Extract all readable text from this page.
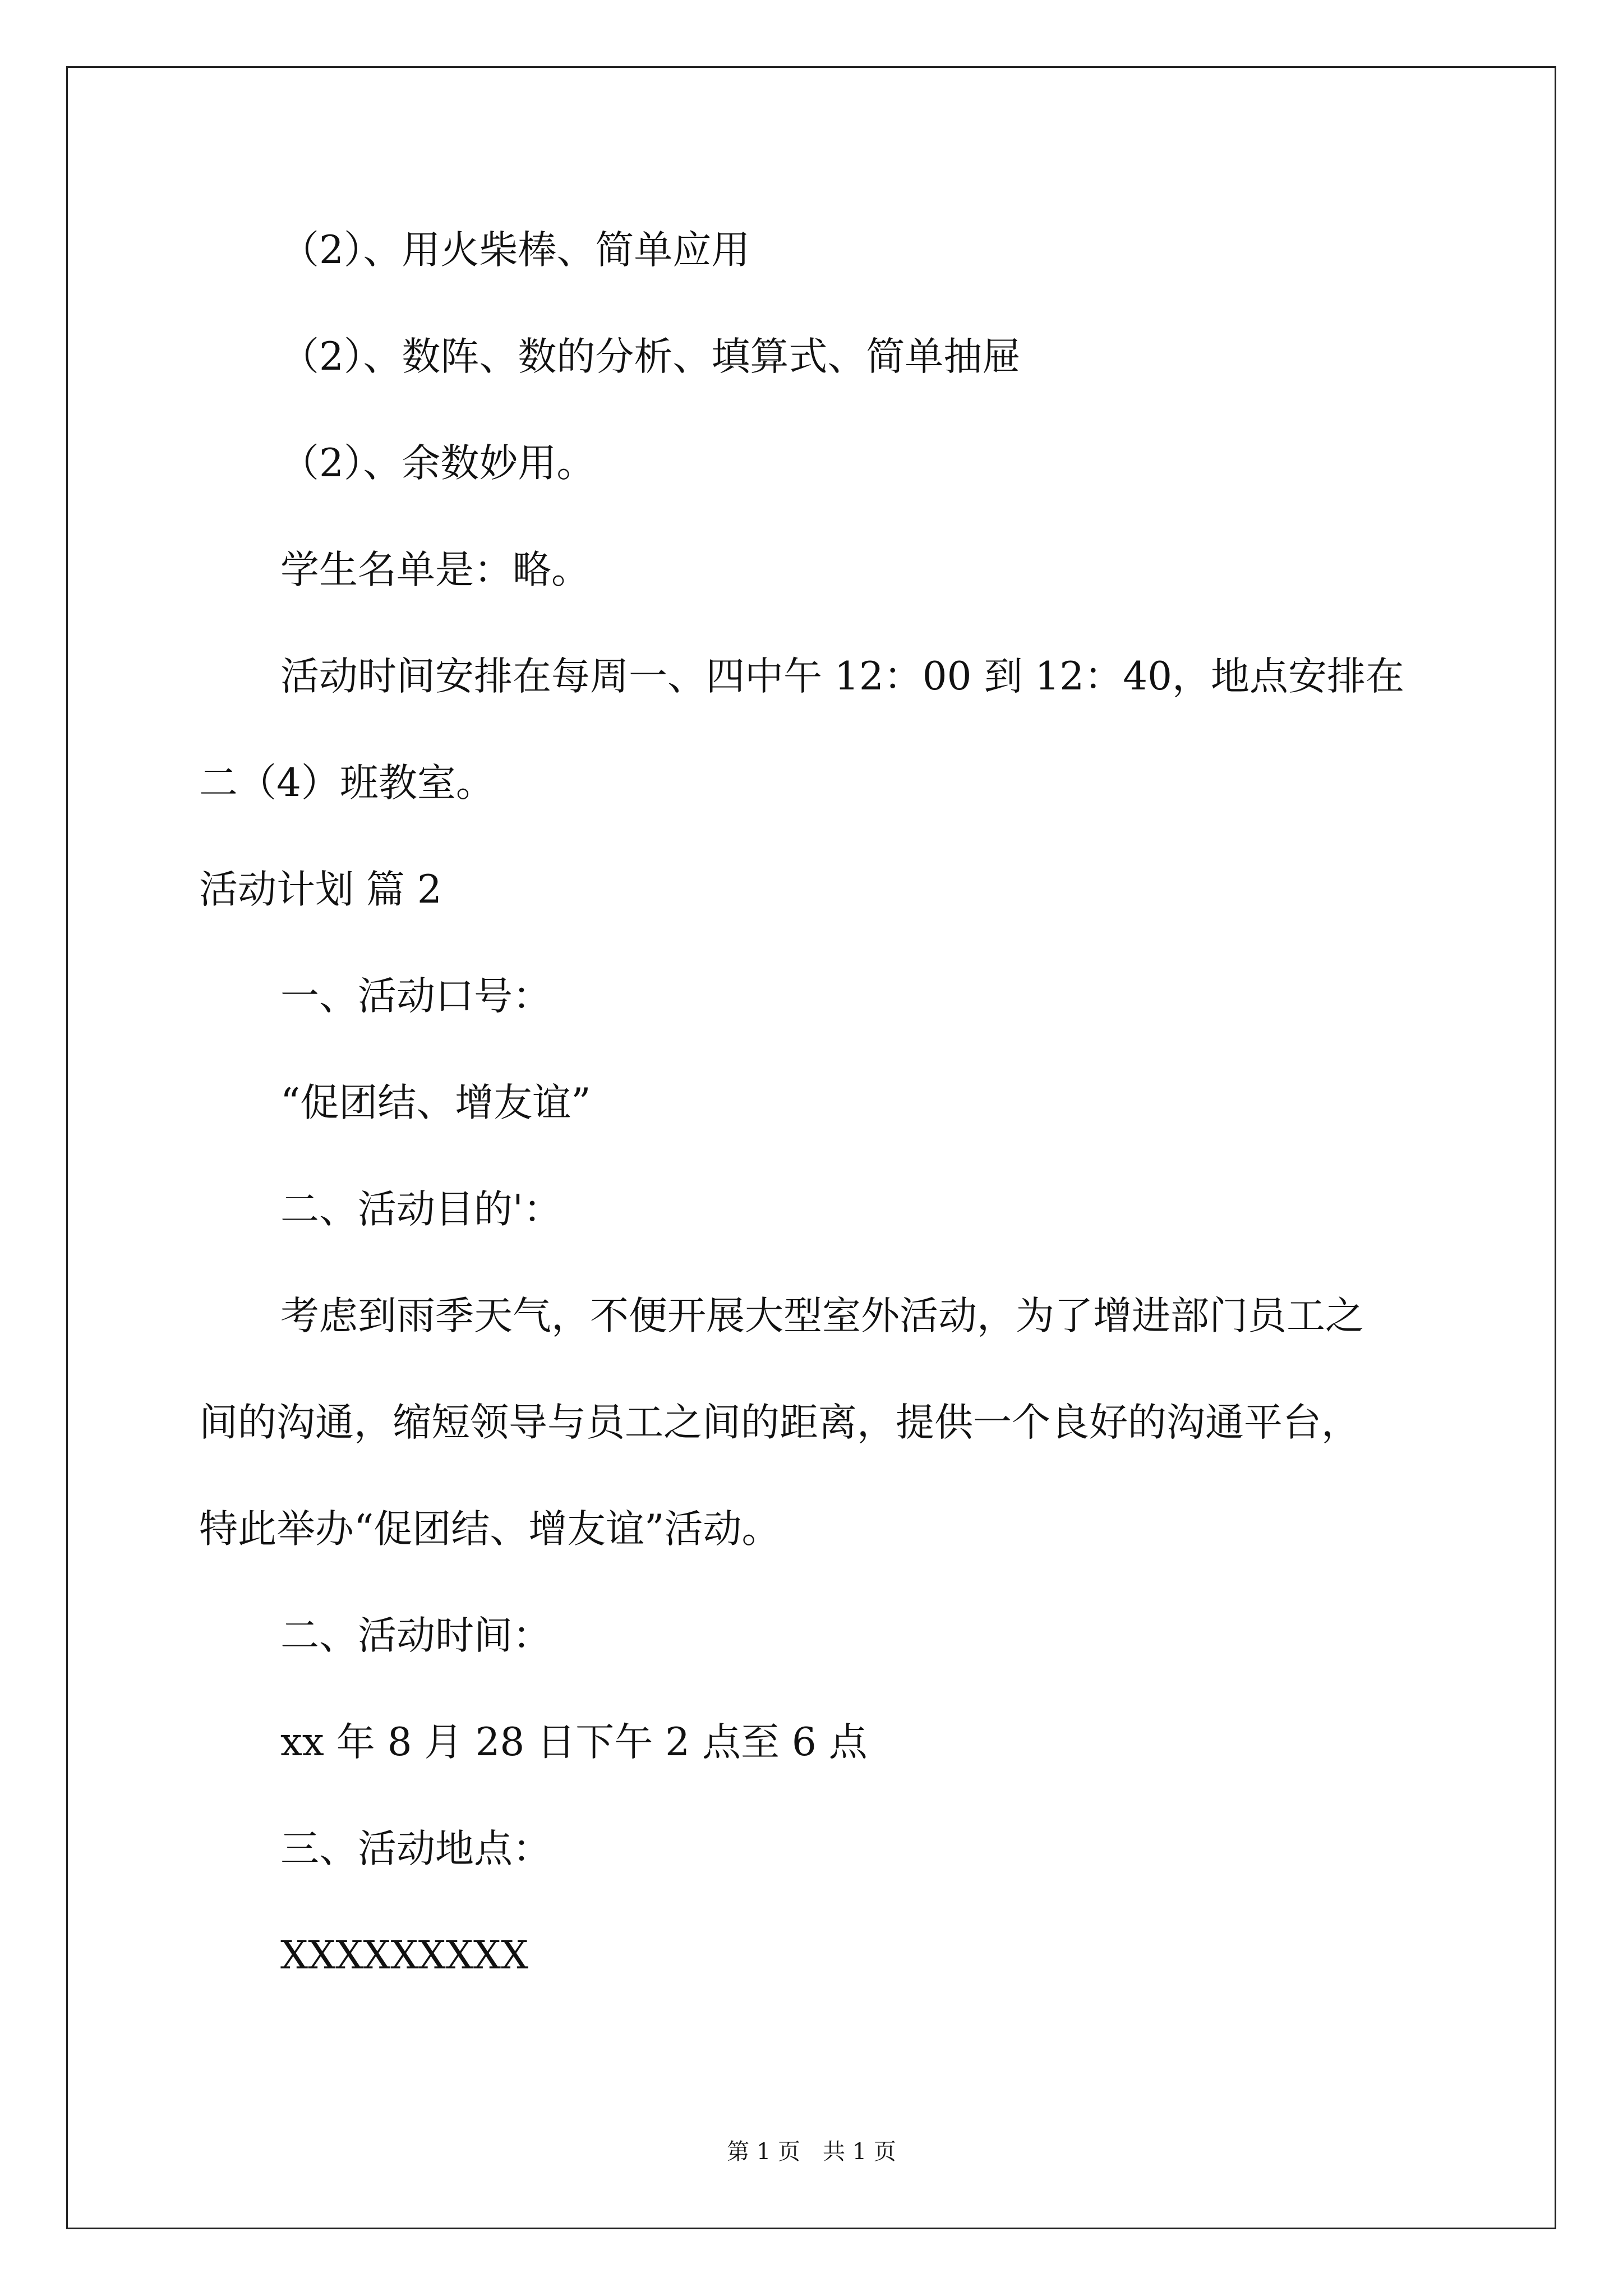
（2）、用火柴棒、简单应用
（2）、数阵、数的分析、填算式、简单抽屉
（2）、余数妙用。
学生名单是：略。
活动时间安排在每周一、四中午 12：00 到 12：40，地点安排在
二（4）班教室。
活动计划 篇 2
一、活动口号：
“促团结、增友谊”
二、活动目的'：
考虑到雨季天气，不便开展大型室外活动，为了增进部门员工之
间的沟通，缩短领导与员工之间的距离，提供一个良好的沟通平台，
特此举办“促团结、增友谊”活动。
二、活动时间：
xx 年 8 月 28 日下午 2 点至 6 点
三、活动地点：
XXXXXXXXX
第 1 页　共 1 页
